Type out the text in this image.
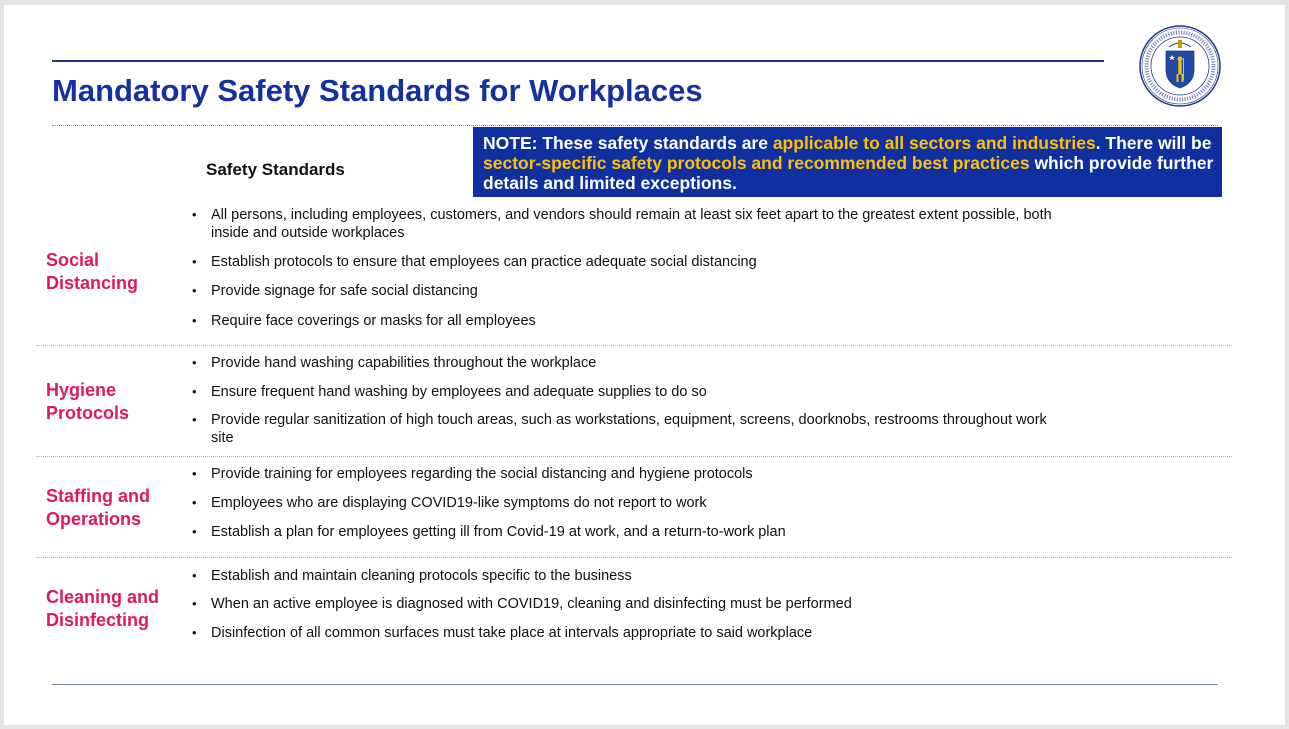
Mandatory Safety Standards for Workplaces
Safety Standards
NOTE: These safety standards are applicable to all sectors and industries. There will be sector-specific safety protocols and recommended best practices which provide further details and limited exceptions.
Social
Distancing
• All persons, including employees, customers, and vendors should remain at least six feet apart to the greatest extent possible, both inside and outside workplaces
• Establish protocols to ensure that employees can practice adequate social distancing
• Provide signage for safe social distancing
• Require face coverings or masks for all employees
Hygiene
Protocols
• Provide hand washing capabilities throughout the workplace
• Ensure frequent hand washing by employees and adequate supplies to do so
• Provide regular sanitization of high touch areas, such as workstations, equipment, screens, doorknobs, restrooms throughout work site
Staffing and
Operations
• Provide training for employees regarding the social distancing and hygiene protocols
• Employees who are displaying COVID19-like symptoms do not report to work
• Establish a plan for employees getting ill from Covid-19 at work, and a return-to-work plan
Cleaning and
Disinfecting
• Establish and maintain cleaning protocols specific to the business
• When an active employee is diagnosed with COVID19, cleaning and disinfecting must be performed
• Disinfection of all common surfaces must take place at intervals appropriate to said workplace
